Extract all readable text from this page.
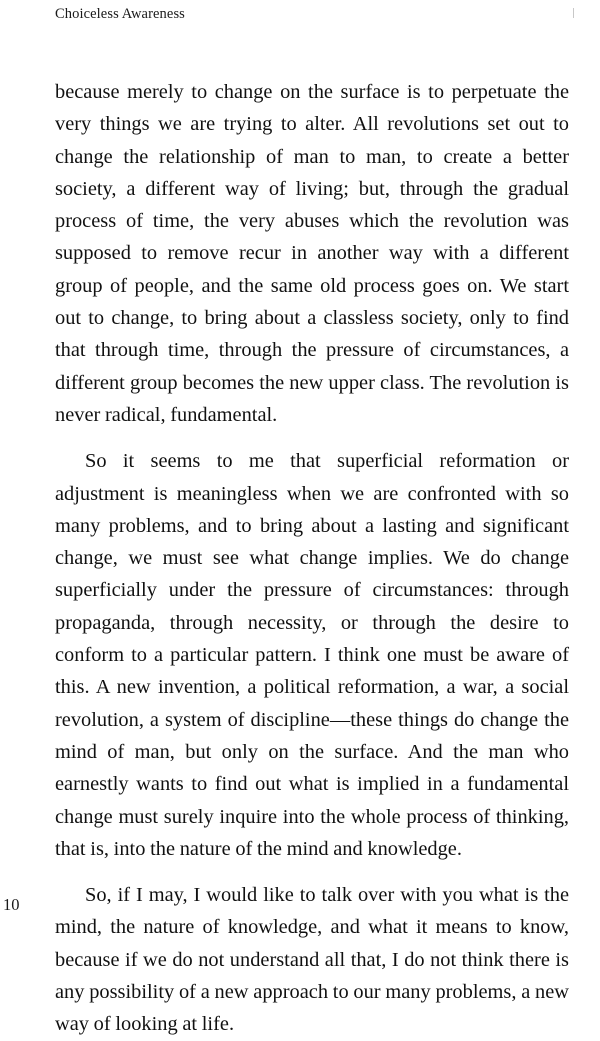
Choiceless Awareness

because merely to change on the surface is to perpetuate the very things we are trying to alter. All revolutions set out to change the relationship of man to man, to create a better society, a different way of living; but, through the gradual process of time, the very abuses which the revolution was supposed to remove recur in another way with a different group of people, and the same old process goes on. We start out to change, to bring about a classless society, only to find that through time, through the pressure of circumstances, a different group becomes the new upper class. The revolution is never radical, fundamental.

So it seems to me that superficial reformation or adjustment is meaningless when we are confronted with so many problems, and to bring about a lasting and significant change, we must see what change implies. We do change superficially under the pressure of circumstances: through propaganda, through necessity, or through the desire to conform to a particular pattern. I think one must be aware of this. A new invention, a political reformation, a war, a social revolution, a system of discipline—these things do change the mind of man, but only on the surface. And the man who earnestly wants to find out what is implied in a fundamental change must surely inquire into the whole process of thinking, that is, into the nature of the mind and knowledge.

So, if I may, I would like to talk over with you what is the mind, the nature of knowledge, and what it means to know, because if we do not understand all that, I do not think there is any possibility of a new approach to our many problems, a new way of looking at life.

10
